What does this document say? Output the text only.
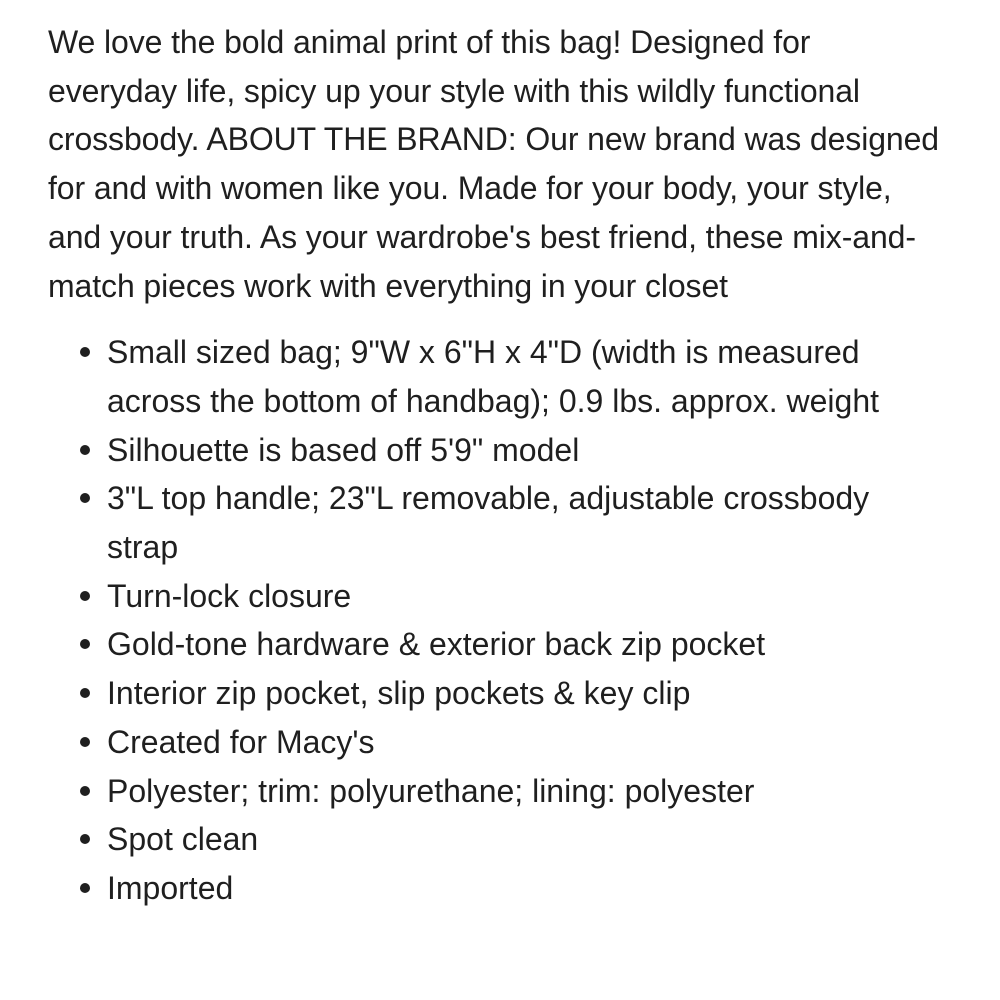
We love the bold animal print of this bag! Designed for everyday life, spicy up your style with this wildly functional crossbody. ABOUT THE BRAND: Our new brand was designed for and with women like you. Made for your body, your style, and your truth. As your wardrobe's best friend, these mix-and-match pieces work with everything in your closet

Small sized bag; 9"W x 6"H x 4"D (width is measured across the bottom of handbag); 0.9 lbs. approx. weight
Silhouette is based off 5'9" model
3"L top handle; 23"L removable, adjustable crossbody strap
Turn-lock closure
Gold-tone hardware & exterior back zip pocket
Interior zip pocket, slip pockets & key clip
Created for Macy's
Polyester; trim: polyurethane; lining: polyester
Spot clean
Imported
